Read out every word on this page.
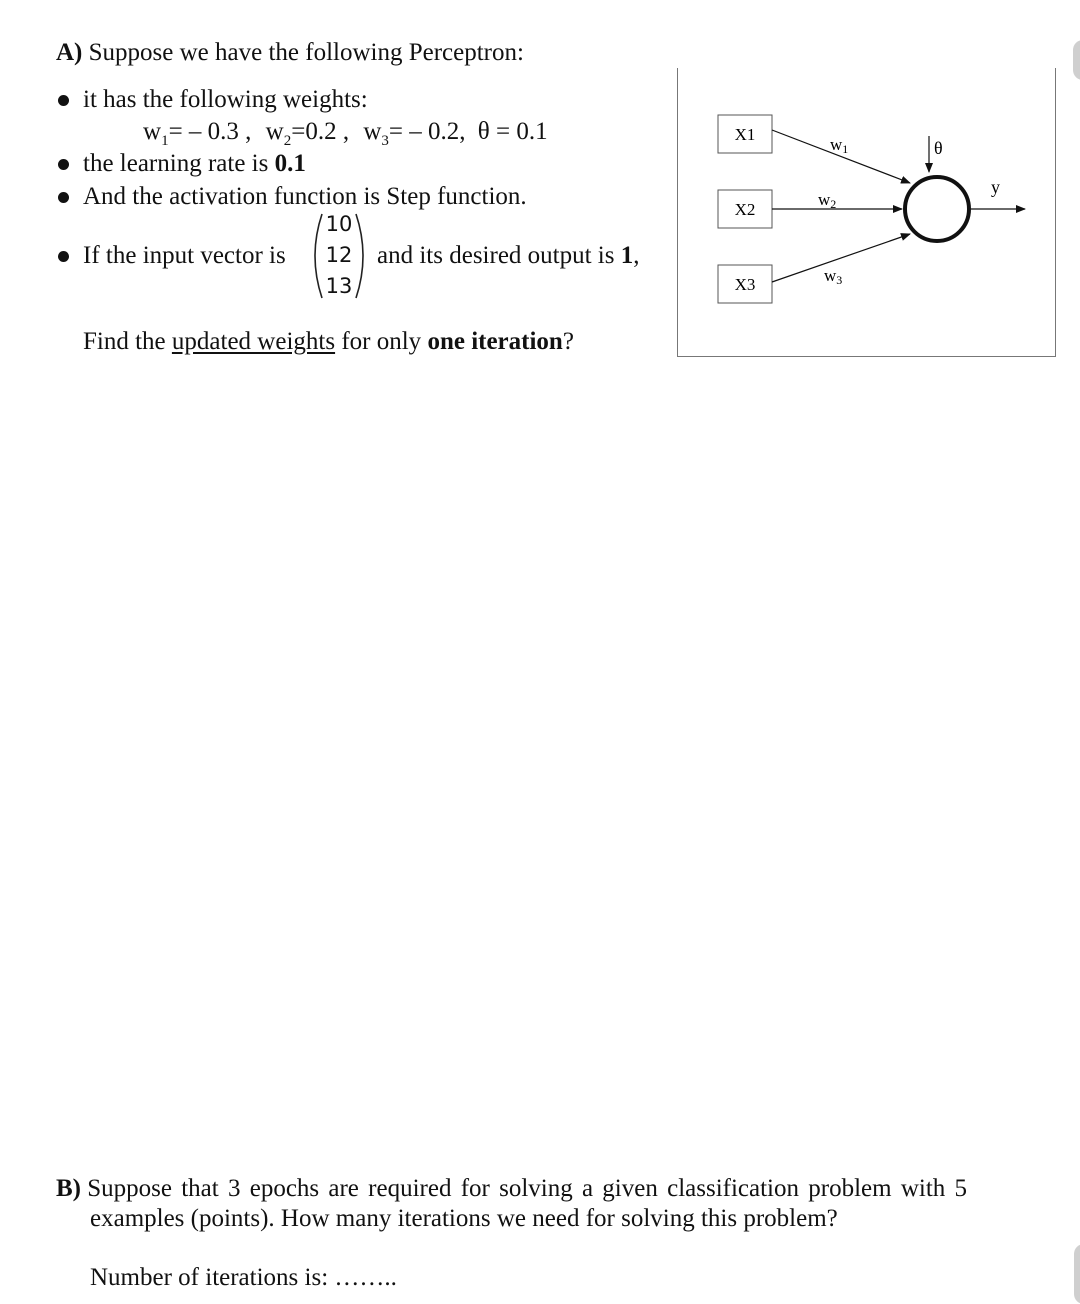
A) Suppose we have the following Perceptron:
it has the following weights:
$w_1= - 0.3$ , $w_2=0.2$ , $w_3= - 0.2$, θ = 0.1
the learning rate is 0.1
And the activation function is Step function.
If the input vector is
10
12
13
and its desired output is 1,
Find the updated weights for only one iteration?
X1
X2
X3
w1
w2
w3
θ
y
B) Suppose that 3 epochs are required for solving a given classification problem with 5
examples (points). How many iterations we need for solving this problem?
Number of iterations is: ……..
